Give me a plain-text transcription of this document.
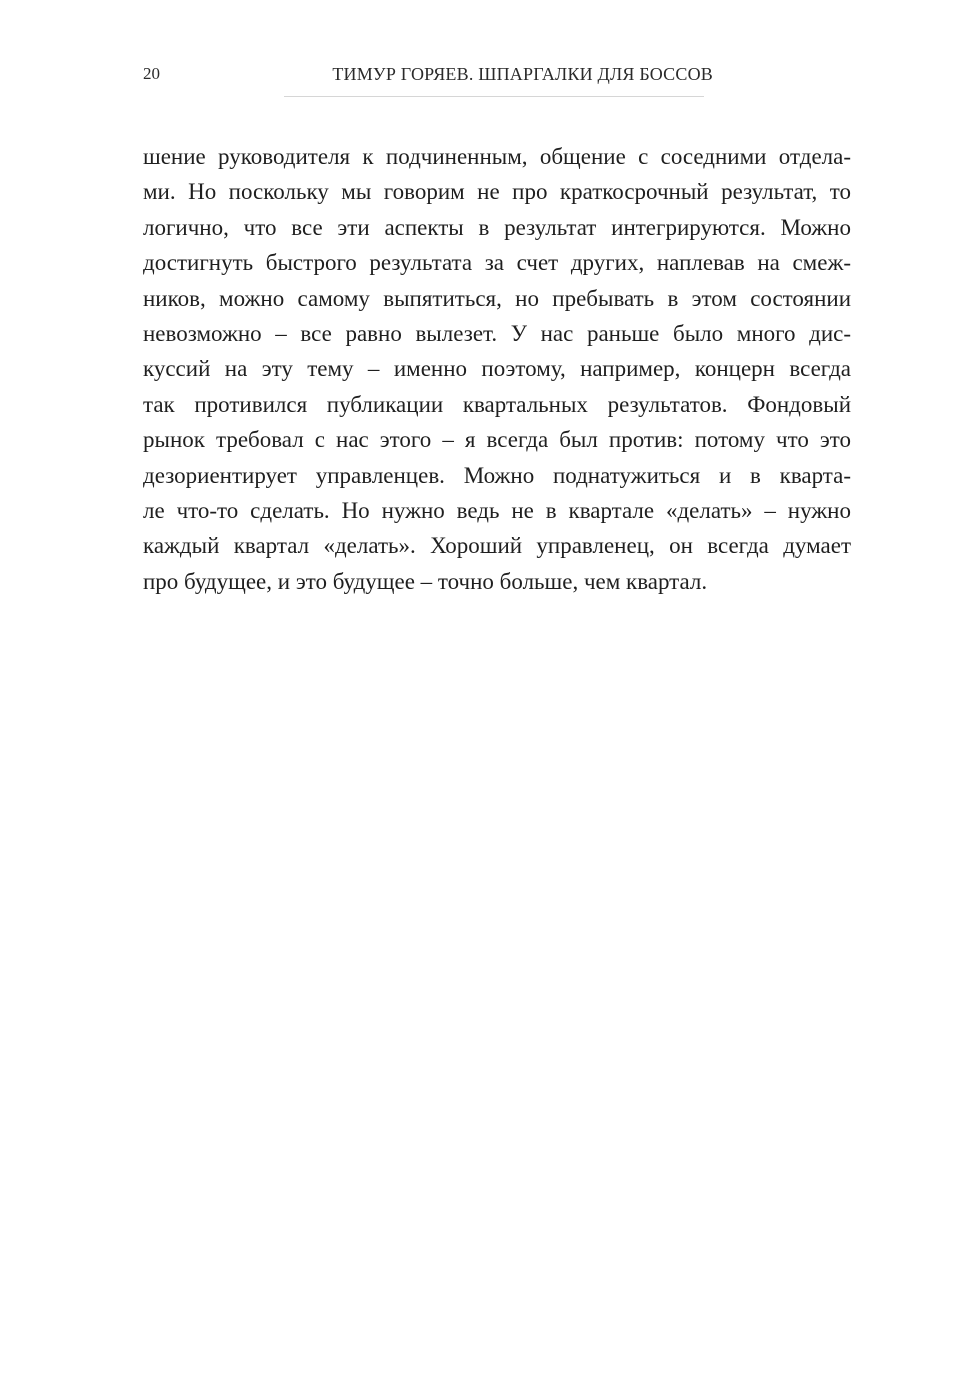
20	ТИМУР ГОРЯЕВ. ШПАРГАЛКИ ДЛЯ БОССОВ
шение руководителя к подчиненным, общение с соседними отдела-
ми. Но поскольку мы говорим не про краткосрочный результат, то
логично, что все эти аспекты в результат интегрируются. Можно
достигнуть быстрого результата за счет других, наплевав на смеж-
ников, можно самому выпятиться, но пребывать в этом состоянии
невозможно – все равно вылезет. У нас раньше было много дис-
куссий на эту тему – именно поэтому, например, концерн всегда
так противился публикации квартальных результатов. Фондовый
рынок требовал с нас этого – я всегда был против: потому что это
дезориентирует управленцев. Можно поднатужиться и в кварта-
ле что-то сделать. Но нужно ведь не в квартале «делать» – нужно
каждый квартал «делать». Хороший управленец, он всегда думает
про будущее, и это будущее – точно больше, чем квартал.
